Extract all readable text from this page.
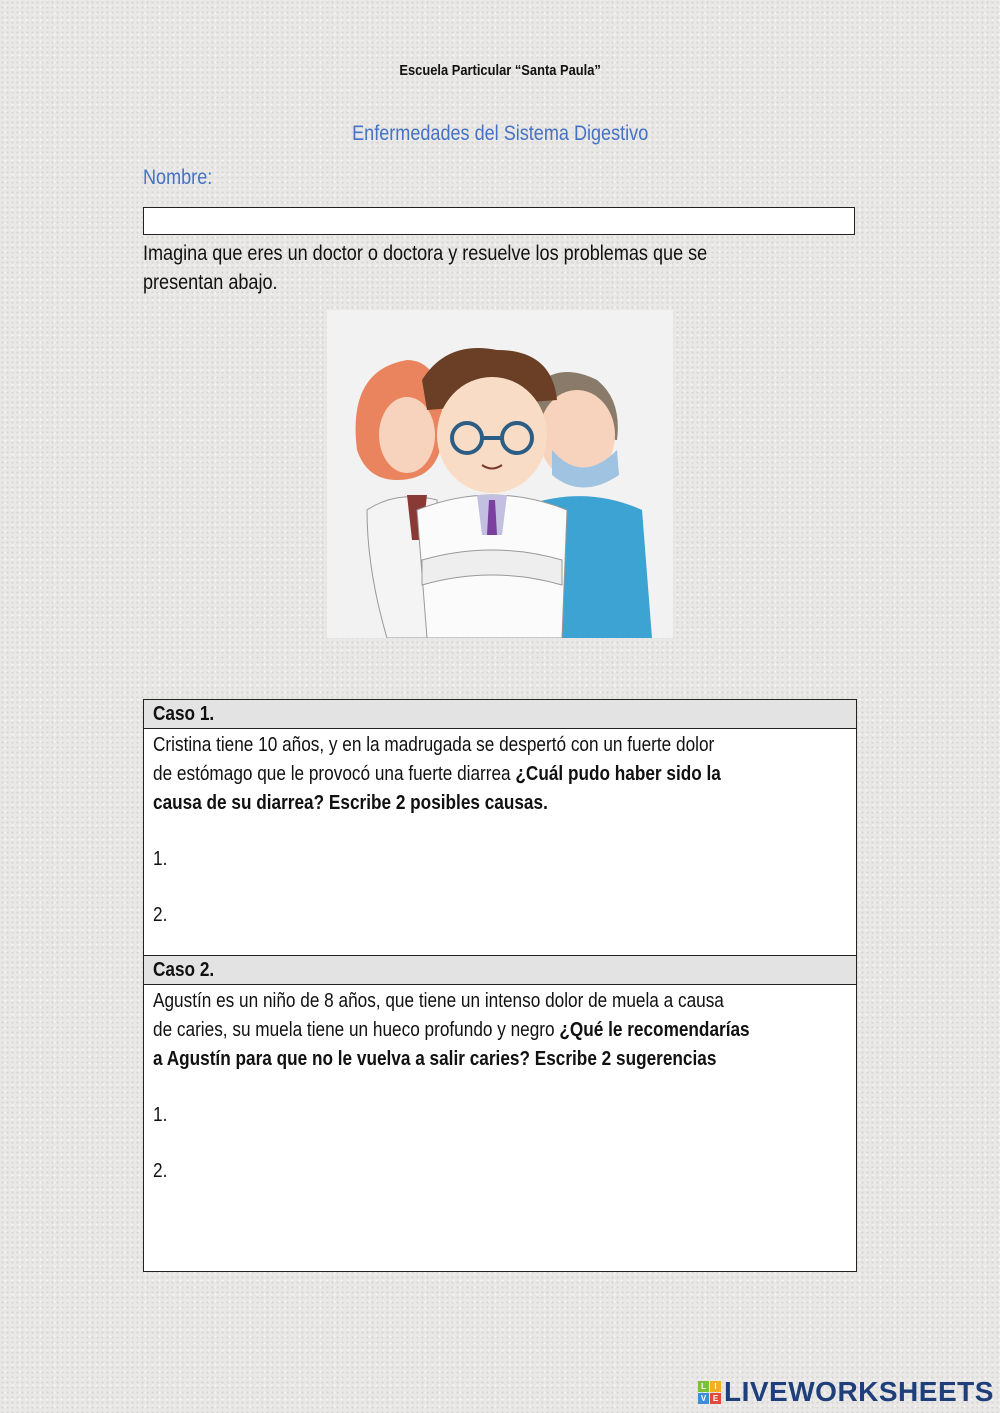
Escuela Particular “Santa Paula”
Enfermedades del Sistema Digestivo
Nombre:
Imagina que eres un doctor o doctora y resuelve los problemas que se
presentan abajo.
Caso 1.
Cristina tiene 10 años, y en la madrugada se despertó con un fuerte dolor
de estómago que le provocó una fuerte diarrea ¿Cuál pudo haber sido la
causa de su diarrea? Escribe 2 posibles causas.
1.
2.
Caso 2.
Agustín es un niño de 8 años, que tiene un intenso dolor de muela a causa
de caries, su muela tiene un hueco profundo y negro ¿Qué le recomendarías
a Agustín para que no le vuelva a salir caries? Escribe 2 sugerencias
1.
2.
L	I
V E LIVEWORKSHEETS
